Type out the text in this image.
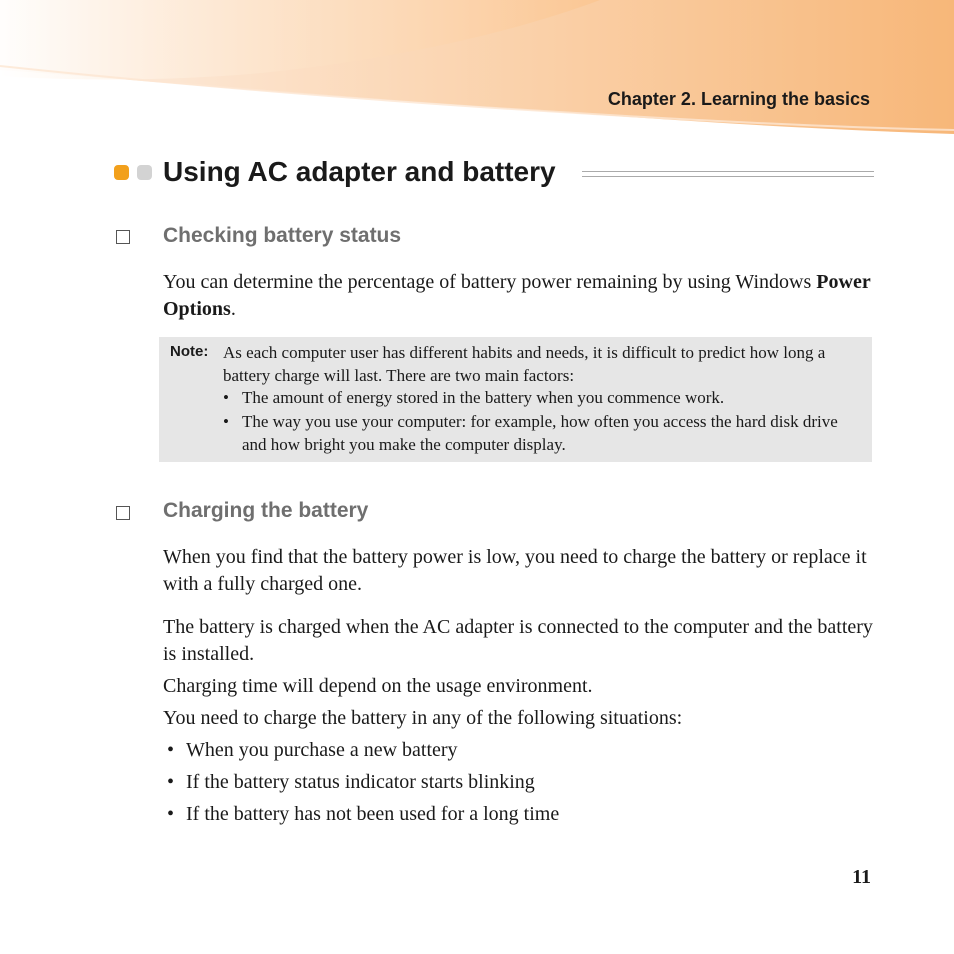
Chapter 2. Learning the basics
Using AC adapter and battery
Checking battery status
You can determine the percentage of battery power remaining by using Windows Power Options.
Note: As each computer user has different habits and needs, it is difficult to predict how long a battery charge will last. There are two main factors:
• The amount of energy stored in the battery when you commence work.
• The way you use your computer: for example, how often you access the hard disk drive and how bright you make the computer display.
Charging the battery
When you find that the battery power is low, you need to charge the battery or replace it with a fully charged one.
The battery is charged when the AC adapter is connected to the computer and the battery is installed.
Charging time will depend on the usage environment.
You need to charge the battery in any of the following situations:
• When you purchase a new battery
• If the battery status indicator starts blinking
• If the battery has not been used for a long time
11
